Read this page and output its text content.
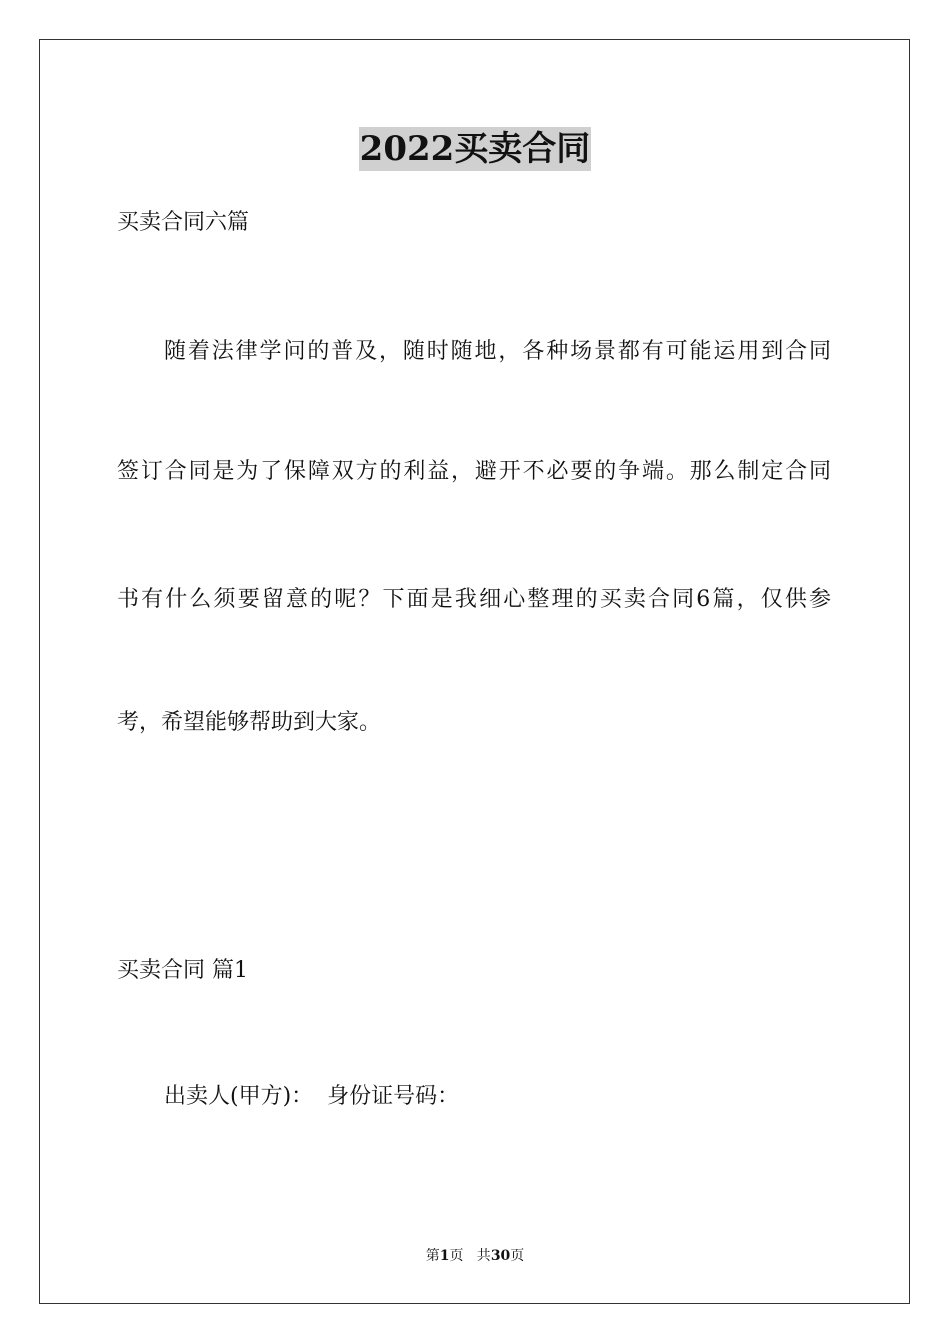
2022买卖合同

买卖合同六篇

随着法律学问的普及，随时随地，各种场景都有可能运用到合同

签订合同是为了保障双方的利益，避开不必要的争端。那么制定合同

书有什么须要留意的呢？下面是我细心整理的买卖合同6篇，仅供参

考，希望能够帮助到大家。

买卖合同 篇1

出卖人(甲方)：  身份证号码：

第1页   共30页
